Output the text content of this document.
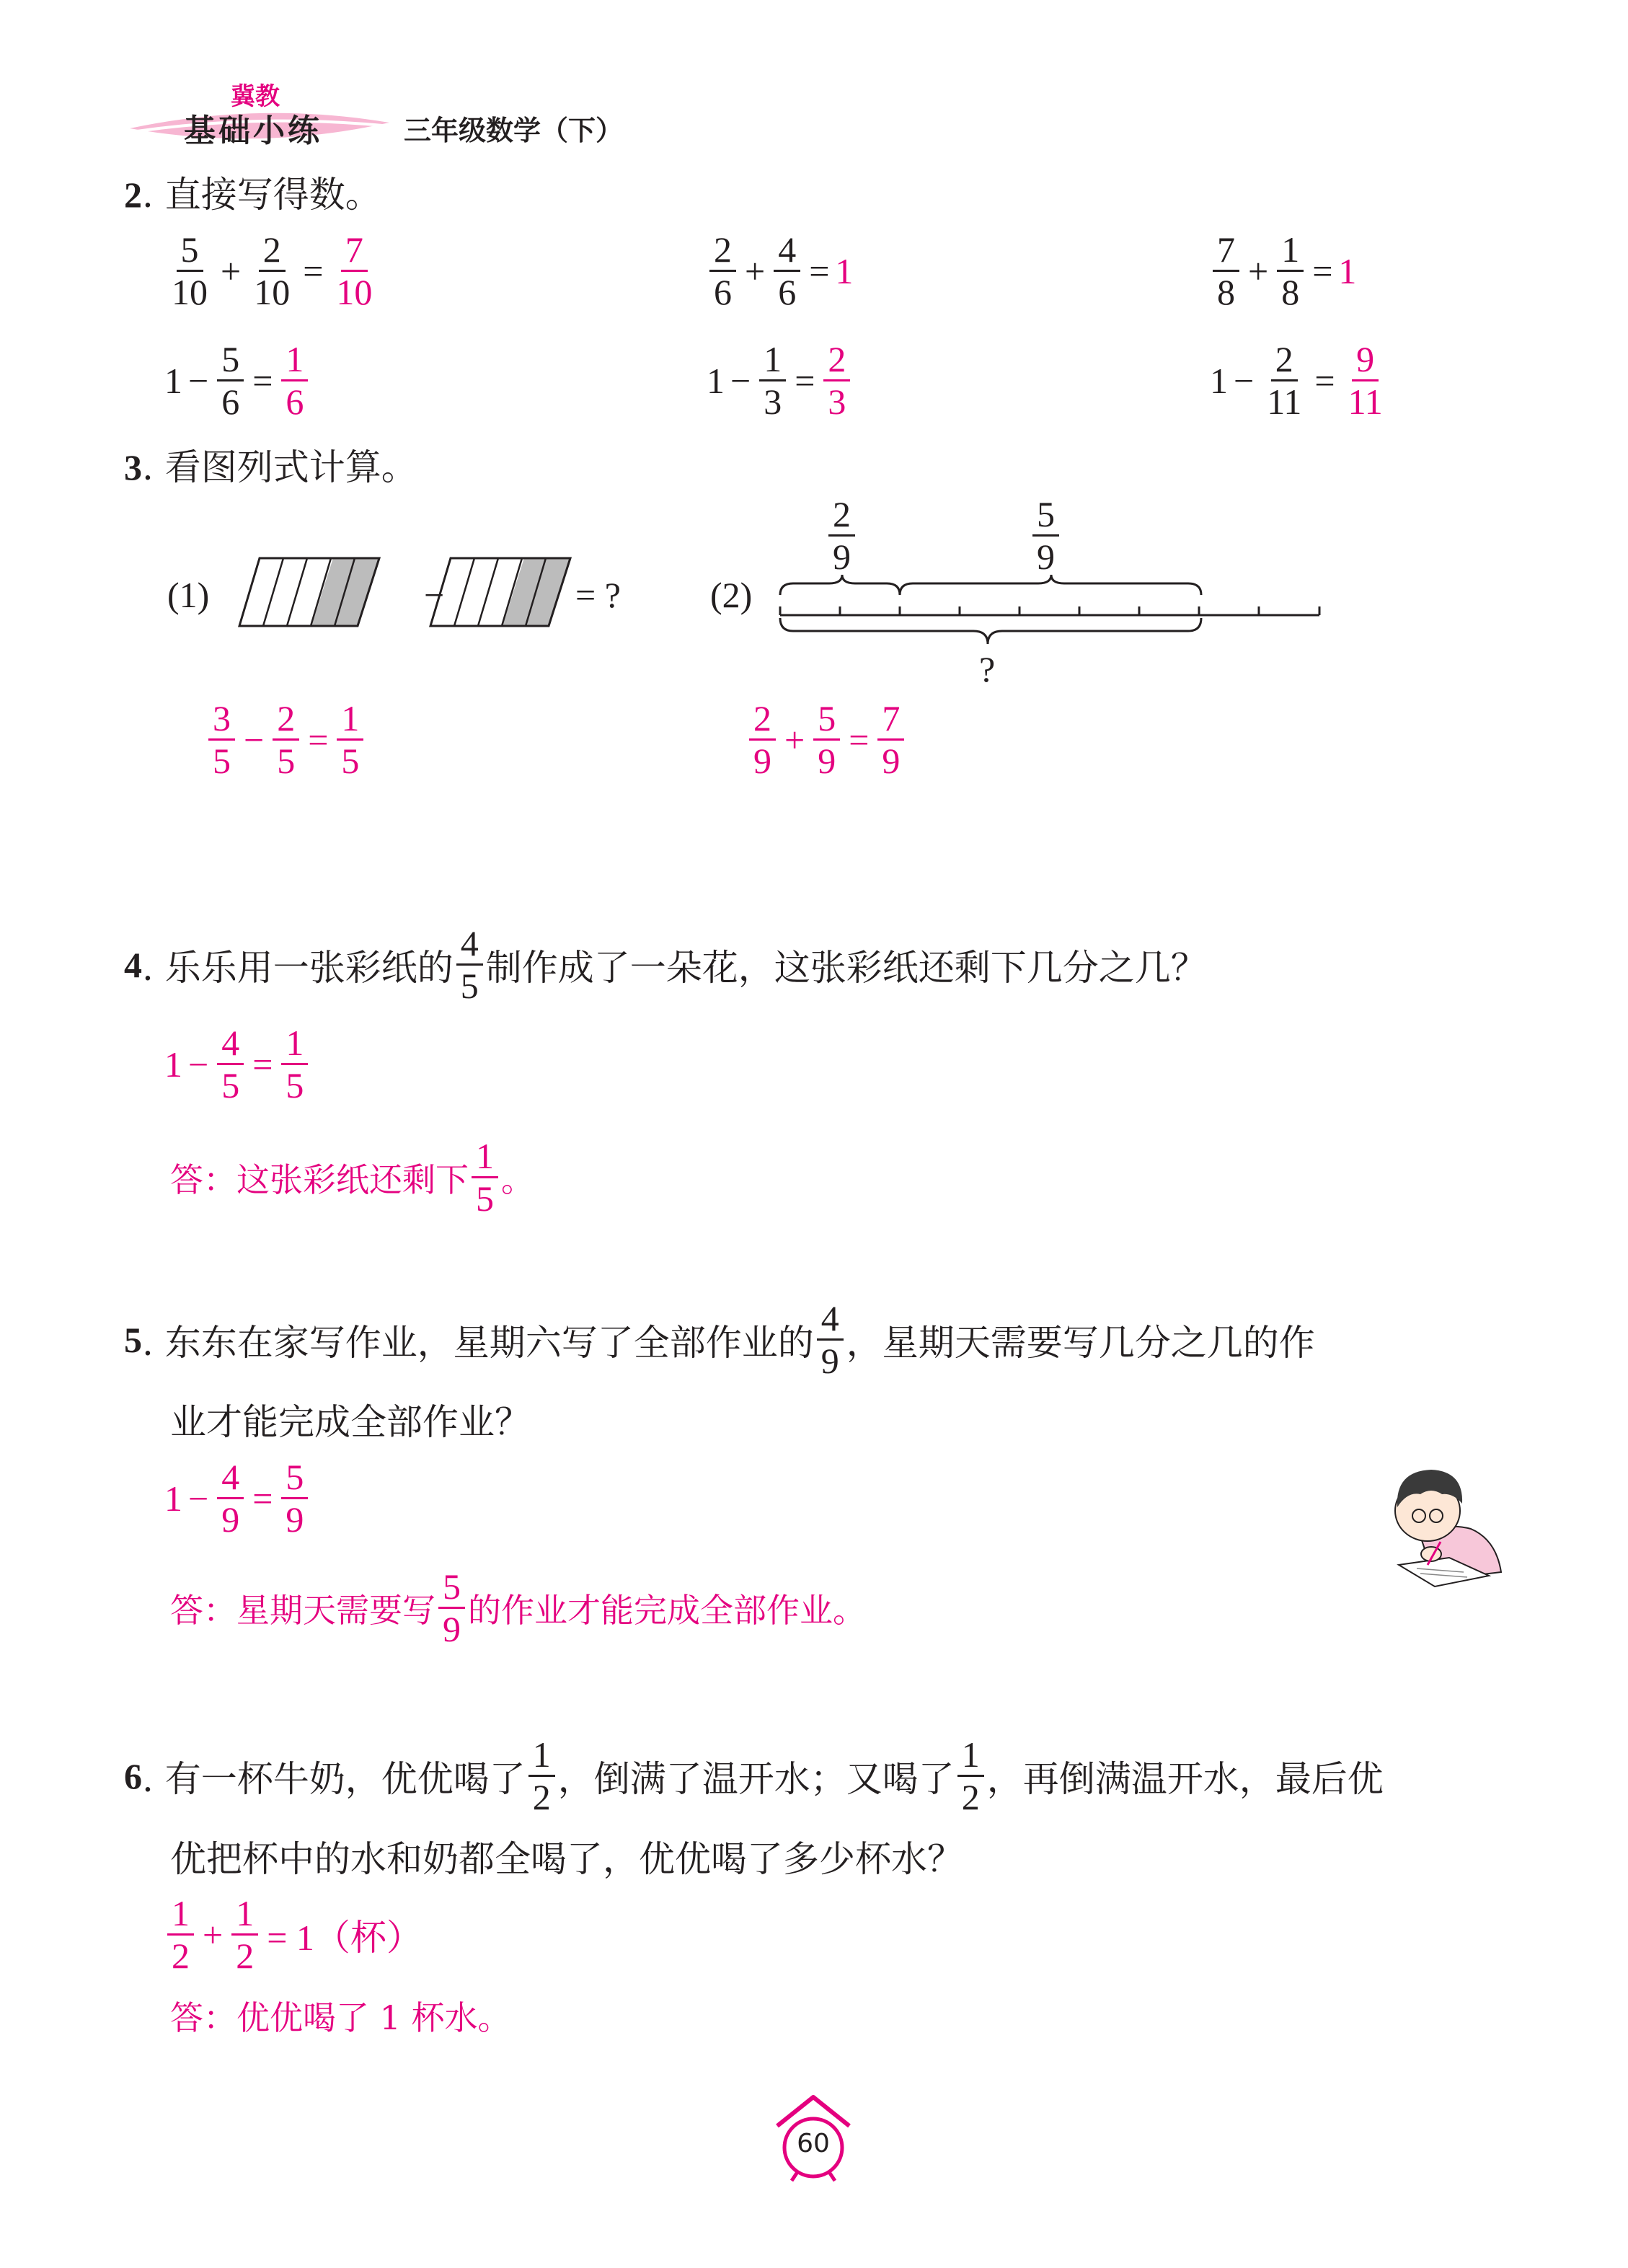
冀教
基础小练	三年级数学（下）
2. 直接写得数。
$\frac{5}{10} + \frac{2}{10} = \frac{7}{10}$	$\frac{2}{6} + \frac{4}{6} = 1$	$\frac{7}{8} + \frac{1}{8} = 1$
$1 - \frac{5}{6} = \frac{1}{6}$	$1 - \frac{1}{3} = \frac{2}{3}$	$1 - \frac{2}{11} = \frac{9}{11}$
3. 看图列式计算。
(1)	−	= ? (2)
$\frac{2}{9}$	$\frac{5}{9}$
?
$\frac{3}{5} - \frac{2}{5} = \frac{1}{5}$	$\frac{2}{9} + \frac{5}{9} = \frac{7}{9}$
4 . 乐乐用一张彩纸的 $\frac{4}{5}$ 制作成了一朵花，这张彩纸还剩下几分之几？
$1 - \frac{4}{5} = \frac{1}{5}$
答：这张彩纸还剩下 $\frac{1}{5}$ 。
5 . 东东在家写作业，星期六写了全部作业的 $\frac{4}{9}$ ，星期天需要写几分之几的作
业才能完成全部作业？
$1 - \frac{4}{9} = \frac{5}{9}$
答：星期天需要写 $\frac{5}{9}$ 的作业才能完成全部作业。
6 . 有一杯牛奶，优优喝了 $\frac{1}{2}$ ，倒满了温开水；又喝了 $\frac{1}{2}$ ，再倒满温开水，最后优
优把杯中的水和奶都全喝了，优优喝了多少杯水？
$\frac{1}{2} + \frac{1}{2} = 1$（杯）
答：优优喝了 1 杯水。
60
